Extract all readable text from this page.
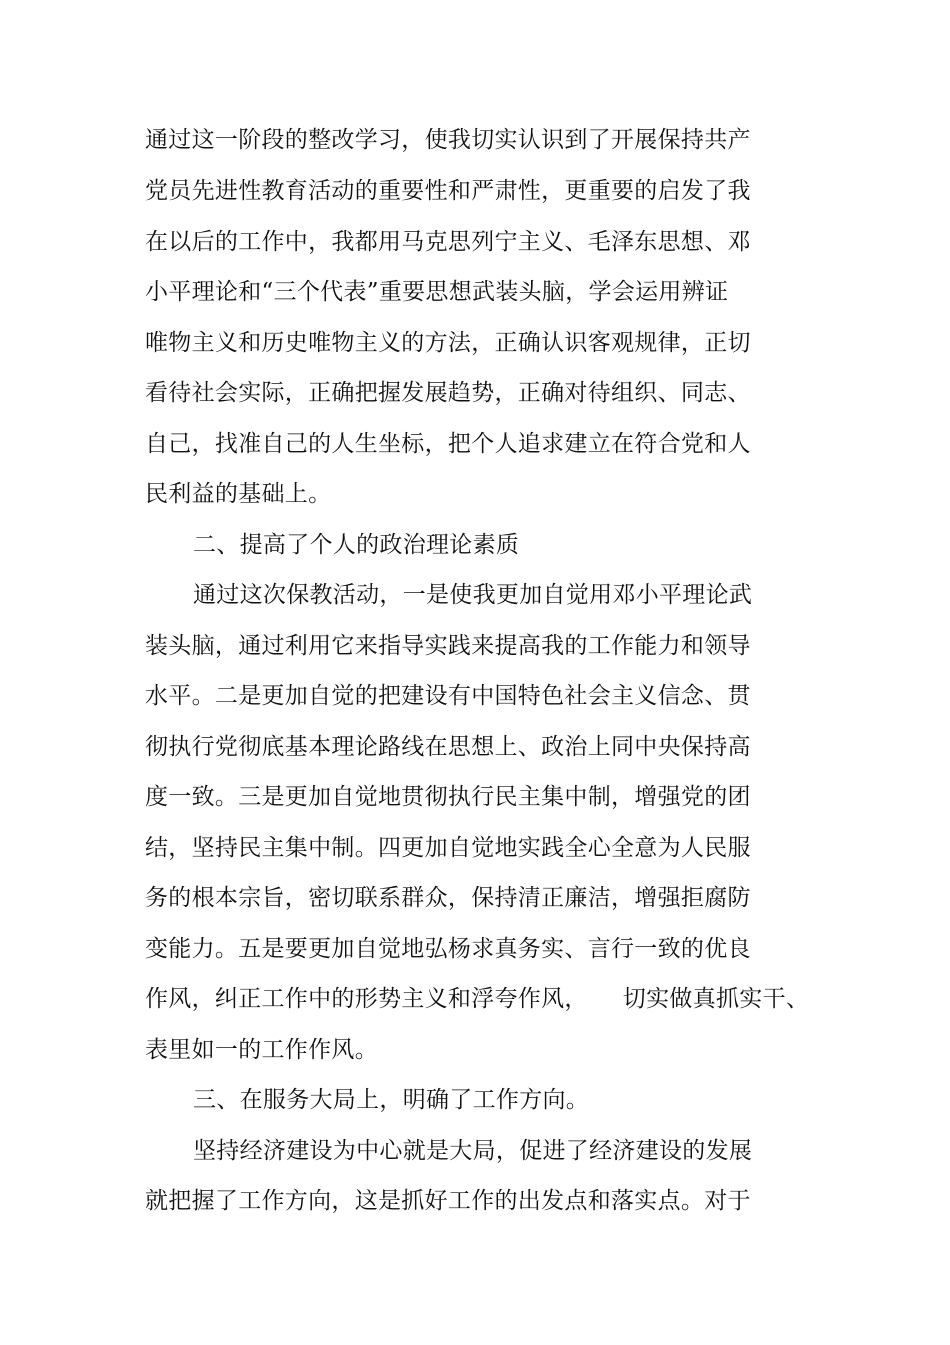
通过这一阶段的整改学习，使我切实认识到了开展保持共产
党员先进性教育活动的重要性和严肃性，更重要的启发了我
在以后的工作中，我都用马克思列宁主义、毛泽东思想、邓
小平理论和“三个代表”重要思想武装头脑，学会运用辨证
唯物主义和历史唯物主义的方法，正确认识客观规律，正切
看待社会实际，正确把握发展趋势，正确对待组织、同志、
自己，找准自己的人生坐标，把个人追求建立在符合党和人
民利益的基础上。
二、提高了个人的政治理论素质
通过这次保教活动，一是使我更加自觉用邓小平理论武
装头脑，通过利用它来指导实践来提高我的工作能力和领导
水平。二是更加自觉的把建设有中国特色社会主义信念、贯
彻执行党彻底基本理论路线在思想上、政治上同中央保持高
度一致。三是更加自觉地贯彻执行民主集中制，增强党的团
结，坚持民主集中制。四更加自觉地实践全心全意为人民服
务的根本宗旨，密切联系群众，保持清正廉洁，增强拒腐防
变能力。五是要更加自觉地弘杨求真务实、言行一致的优良
作风，纠正工作中的形势主义和浮夸作风，　　切实做真抓实干、
表里如一的工作作风。
三、在服务大局上，明确了工作方向。
坚持经济建设为中心就是大局，促进了经济建设的发展
就把握了工作方向，这是抓好工作的出发点和落实点。对于
